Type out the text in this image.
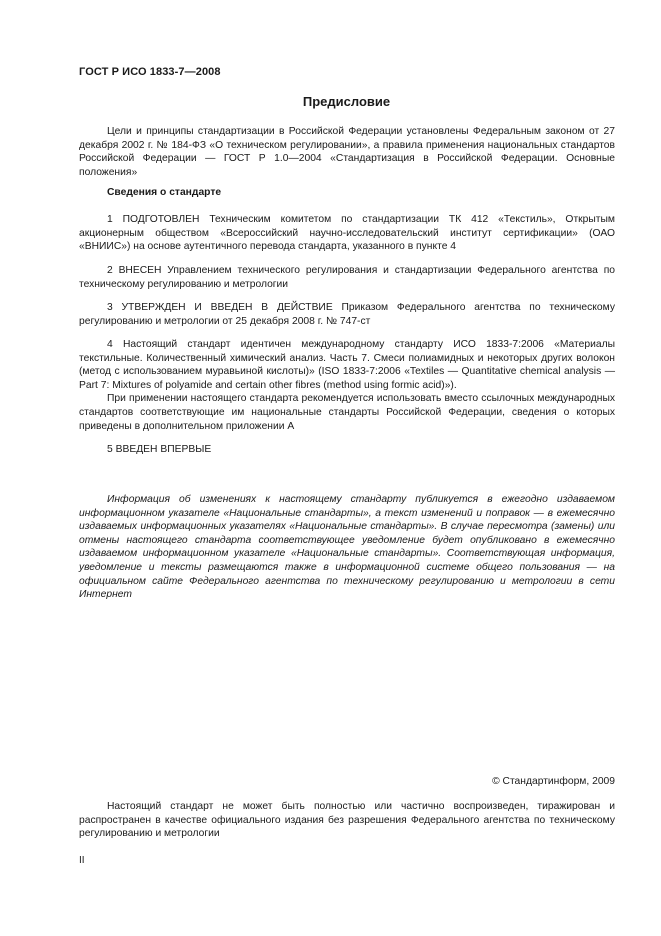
ГОСТ Р ИСО 1833-7—2008
Предисловие

Цели и принципы стандартизации в Российской Федерации установлены Федеральным законом от 27 декабря 2002 г. № 184-ФЗ «О техническом регулировании», а правила применения национальных стандартов Российской Федерации — ГОСТ Р 1.0—2004 «Стандартизация в Российской Федерации. Основные положения»

Сведения о стандарте

1 ПОДГОТОВЛЕН Техническим комитетом по стандартизации ТК 412 «Текстиль», Открытым акционерным обществом «Всероссийский научно-исследовательский институт сертификации» (ОАО «ВНИИС») на основе аутентичного перевода стандарта, указанного в пункте 4

2 ВНЕСЕН Управлением технического регулирования и стандартизации Федерального агентства по техническому регулированию и метрологии

3 УТВЕРЖДЕН И ВВЕДЕН В ДЕЙСТВИЕ Приказом Федерального агентства по техническому регулированию и метрологии от 25 декабря 2008 г. № 747-ст

4 Настоящий стандарт идентичен международному стандарту ИСО 1833-7:2006 «Материалы текстильные. Количественный химический анализ. Часть 7. Смеси полиамидных и некоторых других волокон (метод с использованием муравьиной кислоты)» (ISO 1833-7:2006 «Textiles — Quantitative chemical analysis — Part 7: Mixtures of polyamide and certain other fibres (method using formic acid)»).

При применении настоящего стандарта рекомендуется использовать вместо ссылочных международных стандартов соответствующие им национальные стандарты Российской Федерации, сведения о которых приведены в дополнительном приложении А

5 ВВЕДЕН ВПЕРВЫЕ

Информация об изменениях к настоящему стандарту публикуется в ежегодно издаваемом информационном указателе «Национальные стандарты», а текст изменений и поправок — в ежемесячно издаваемых информационных указателях «Национальные стандарты». В случае пересмотра (замены) или отмены настоящего стандарта соответствующее уведомление будет опубликовано в ежемесячно издаваемом информационном указателе «Национальные стандарты». Соответствующая информация, уведомление и тексты размещаются также в информационной системе общего пользования — на официальном сайте Федерального агентства по техническому регулированию и метрологии в сети Интернет

© Стандартинформ, 2009

Настоящий стандарт не может быть полностью или частично воспроизведен, тиражирован и распространен в качестве официального издания без разрешения Федерального агентства по техническому регулированию и метрологии

II
